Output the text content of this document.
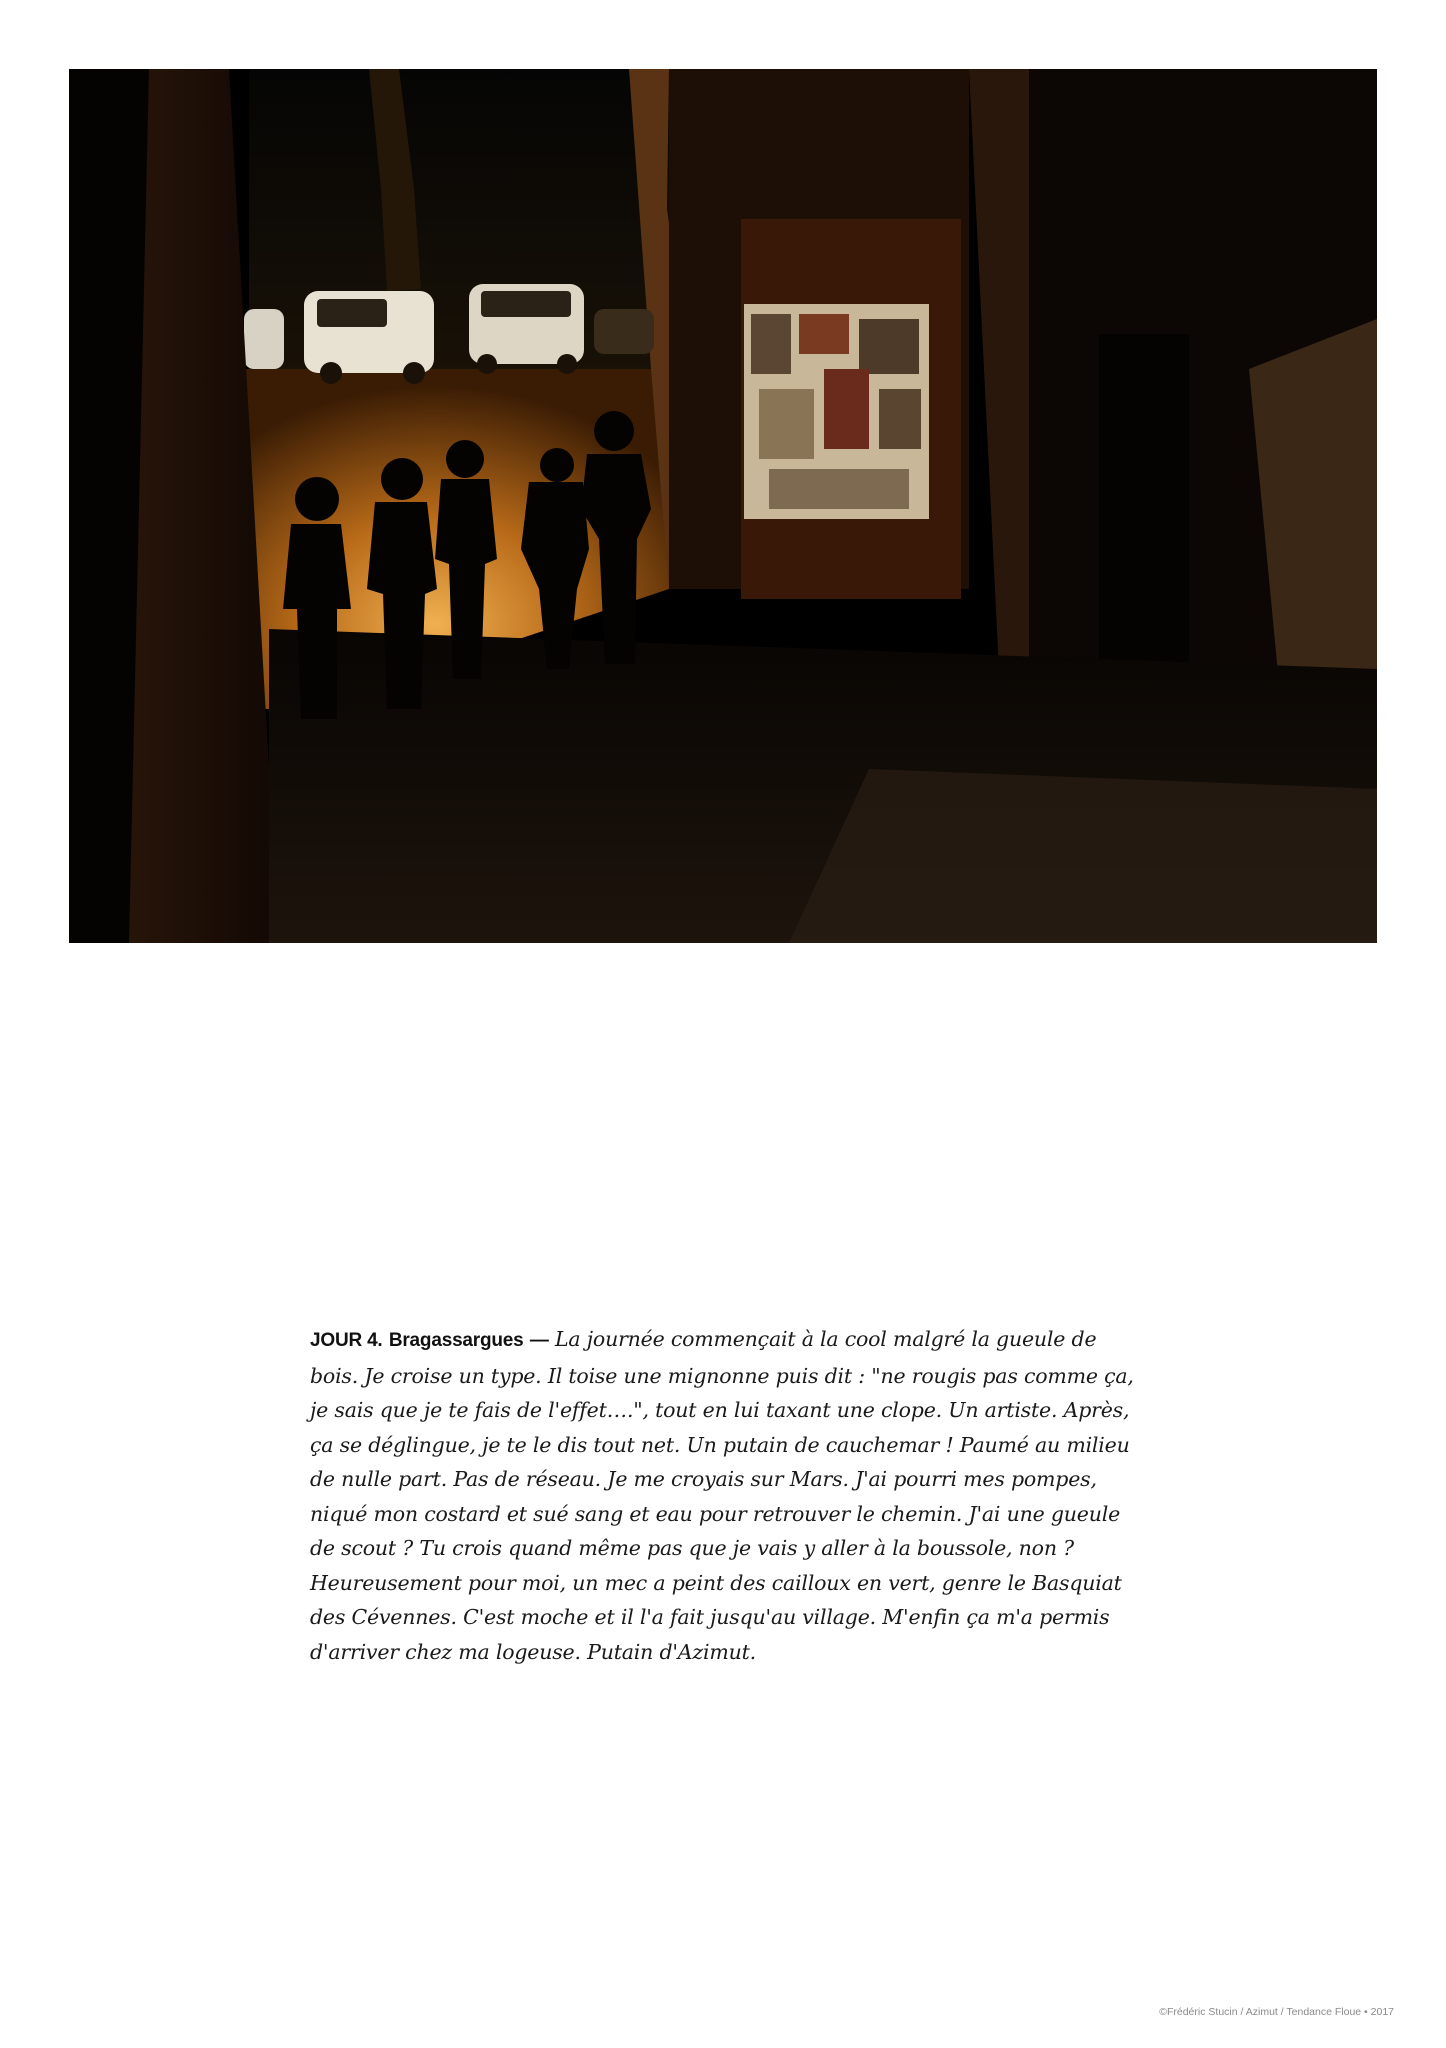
JOUR 4. Bragassargues — La journée commençait à la cool malgré la gueule de bois. Je croise un type. Il toise une mignonne puis dit : "ne rougis pas comme ça, je sais que je te fais de l'effet….", tout en lui taxant une clope. Un artiste. Après, ça se déglingue, je te le dis tout net. Un putain de cauchemar ! Paumé au milieu de nulle part. Pas de réseau. Je me croyais sur Mars. J'ai pourri mes pompes, niqué mon costard et sué sang et eau pour retrouver le chemin. J'ai une gueule de scout ? Tu crois quand même pas que je vais y aller à la boussole, non ? Heureusement pour moi, un mec a peint des cailloux en vert, genre le Basquiat des Cévennes. C'est moche et il l'a fait jusqu'au village. M'enfin ça m'a permis d'arriver chez ma logeuse. Putain d'Azimut.
©Frédéric Stucin / Azimut / Tendance Floue • 2017
